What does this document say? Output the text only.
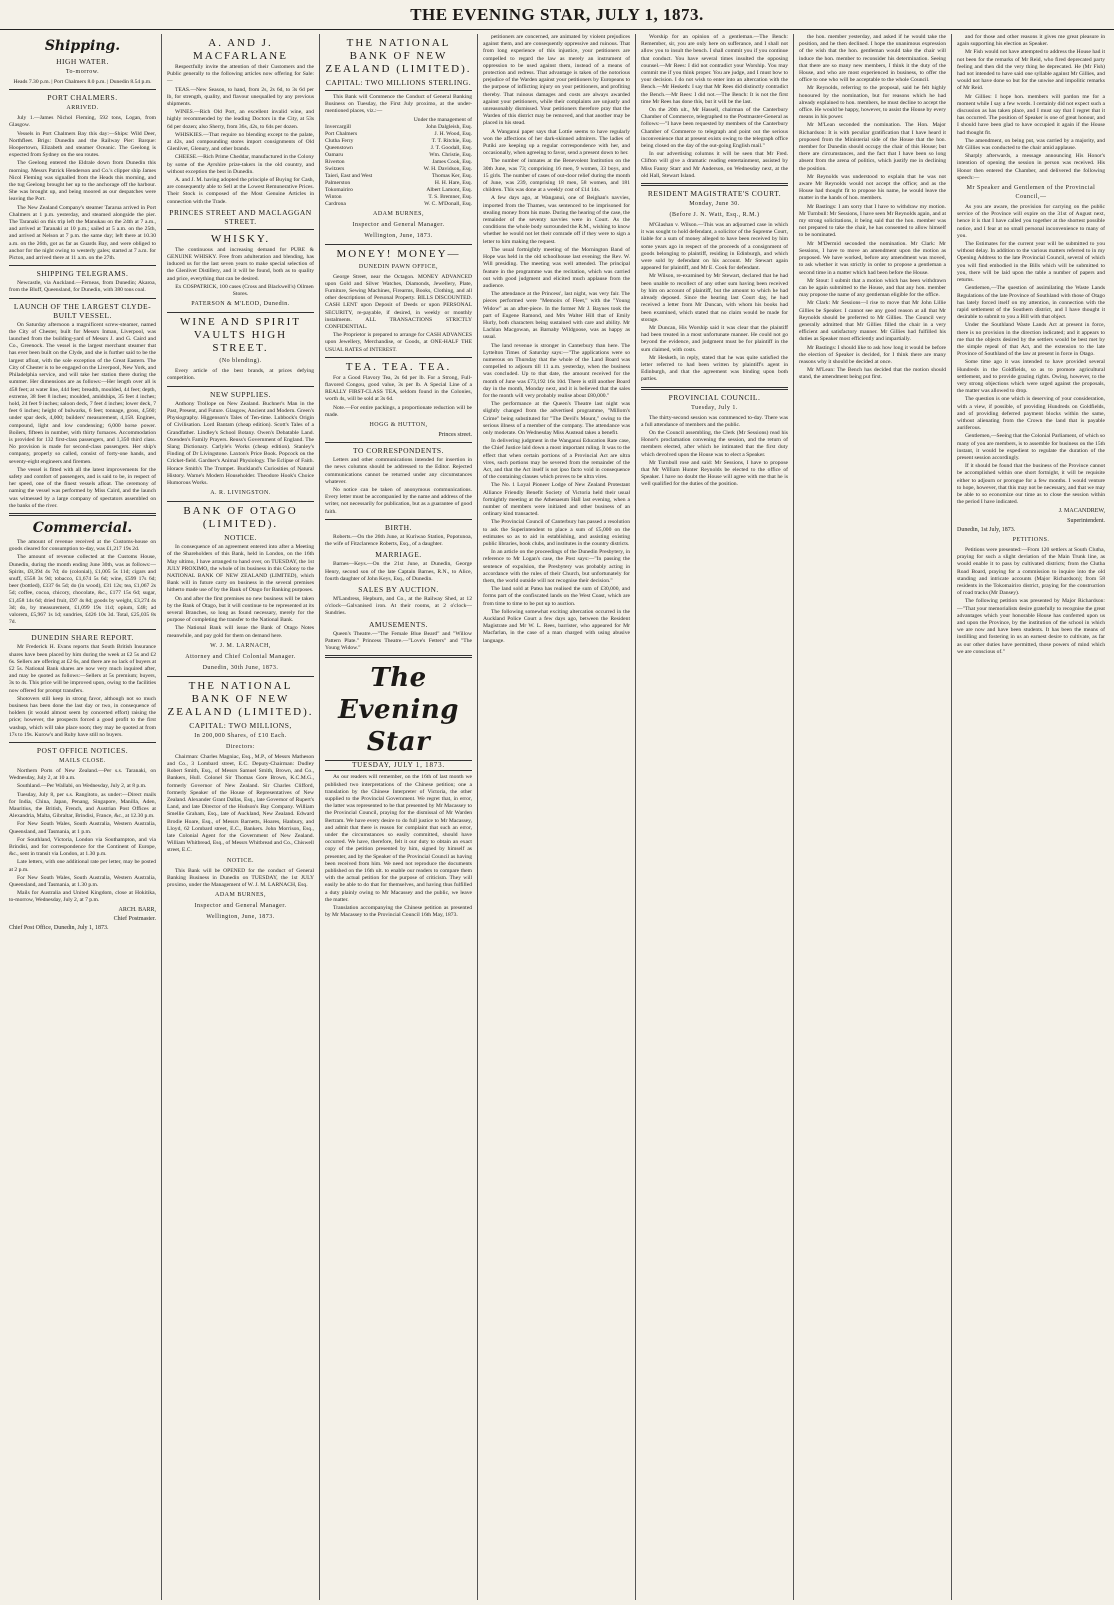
THE EVENING STAR, JULY 1, 1873.
Shipping.
HIGH WATER.
To-morrow.
Heads 7.30 p.m. | Port Chalmers 8.0 p.m. | Dunedin 8.54 p.m.
PORT CHALMERS.
ARRIVED.

July 1.—James Nichol Fleming, 592 tons, Logan, from Glasgow.

Vessels in Port Chalmers Bay this day:—Ships: Wild Deer, Northfleet. Brigs: Dunedin and the Railway Pier: Barque: Hoopertown, Elizabeth and steamer Oceanic. The Geelong is expected from Sydney on the sea routes.

The Geelong entered the Eldrale down from Dunedin this morning. Messrs Patrick Henderson and Co.'s clipper ship James Nicol Fleming was signalled from the Heads this morning, and the tug Geelong brought her up to the anchorage off the harbour. She was brought up, and being moored as our despatches were leaving the Port.

The New Zealand Company's steamer Tararua arrived in Port Chalmers at 1 p.m. yesterday, and steamed alongside the pier. The Taranaki on this trip left the Manukau on the 24th at 7 a.m., and arrived at Taranaki at 10 p.m.; sailed at 5 a.m. on the 25th, and arrived at Nelson at 7 p.m. the same day; left there at 10.30 a.m. on the 26th, got as far as Guards Bay, and were obliged to anchor for the night owing to westerly gales; started at 7 a.m. for Picton, and arrived there at 11 a.m. on the 27th.

SHIPPING TELEGRAMS.

Newcastle, via Auckland.—Ferneas, from Dunedin; Akaroa, from the Bluff, Queensland, for Dunedin, with 380 tons coal.

LAUNCH OF THE LARGEST CLYDE-BUILT VESSEL.

On Saturday afternoon a magnificent screw-steamer, named the City of Chester, built for Messrs Inman, Liverpool, was launched from the building-yard of Messrs J. and G. Caird and Co., Greenock. The vessel is the largest merchant steamer that has ever been built on the Clyde, and she is further said to be the largest afloat, with the sole exception of the Great Eastern. The City of Chester is to be engaged on the Liverpool, New York, and Philadelphia service, and will take her station there during the summer. Her dimensions are as follows:—Her length over all is 458 feet; at water line, 444 feet; breadth, moulded, 44 feet; depth, extreme, 38 feet 8 inches; moulded, amidships, 35 feet 4 inches; hold, 24 feet 9 inches; saloon deck, 7 feet 4 inches; lower deck, 7 feet 6 inches; height of bulwarks, 6 feet; tonnage, gross, 4,560; under spar deck, 4,000; builders' measurement, 4,158. Engines, compound, light and low condensing; 6,000 horse power. Boilers, fifteen in number, with thirty furnaces. Accommodation is provided for 132 first-class passengers, and 1,350 third class. No provision is made for second-class passengers. Her ship's company, properly so called, consist of forty-one hands, and seventy-eight engineers and firemen.

The vessel is fitted with all the latest improvements for the safety and comfort of passengers, and is said to be, in respect of her speed, one of the finest vessels afloat. The ceremony of naming the vessel was performed by Miss Caird, and the launch was witnessed by a large company of spectators assembled on the banks of the river.

Commercial.

The amount of revenue received at the Customs-house on goods cleared for consumption to-day, was £1,217 19s 2d.

The amount of revenue collected at the Customs House, Dunedin, during the month ending June 30th, was as follows:—Spirits, £8,394 4s 7d; do (colonial), £1,005 5s 11d; cigars and snuff, £558 3s 9d; tobacco, £1,674 5s 6d; wine, £599 17s 6d; beer (bottled), £337 6s 5d; do (in wood), £31 12s; tea, £1,067 2s 5d; coffee, cocoa, chicory, chocolate, &c., £177 15s 6d; sugar, £1,458 14s 6d; dried fruit, £97 4s 8d; goods by weight, £3,274 4s 3d; do, by measurement, £1,099 19s 11d; opium, £48; ad valorem, £5,967 1s 1d; sundries, £426 10s 3d. Total, £25,035 8s 7d.

DUNEDIN SHARE REPORT.

Mr Frederick H. Evans reports that South British Insurance shares have been placed by him during the week at £2 5s and £2 6s. Sellers are offering at £2 6s, and there are no lack of buyers at £2 5s. National Bank shares are now very much inquired after, and may be quoted as follows:—Sellers at 5s premium; buyers, 3s to 4s. This price will be improved upon, owing to the facilities now offered for prompt transfers.

Shotovers still keep in strong favor, although not so much business has been done the last day or two, in consequence of holders (it would almost seem by concerted effort) raising the price; however, the prospects forced a good profit to the first washup, which will take place soon; they may be quoted at from 17s to 19s. Kurow's and Ruby have still no buyers.

POST OFFICE NOTICES.
MAILS CLOSE.

Northern Ports of New Zealand.—Per s.s. Taranaki, on Wednesday, July 2, at 10 a.m.

Southland.—Per Wallabi, on Wednesday, July 2, at 8 p.m.

Tuesday, July 8, per s.s. Rangitoto, as under:—Direct mails for India, China, Japan, Penang, Singapore, Manilla, Aden, Mauritius, the British, French, and Austrian Post Offices at Alexandria, Malta, Gibraltar, Brindisi, France, &c., at 12.30 p.m.

For New South Wales, South Australia, Western Australia, Queensland, and Tasmania, at 1 p.m.

For Southland, Victoria, London via Southampton, and via Brindisi, and for correspondence for the Continent of Europe, &c., sent in transit via London, at 1.30 p.m.

Late letters, with one additional rate per letter, may be posted at 2 p.m.

For New South Wales, South Australia, Western Australia, Queensland, and Tasmania, at 1.30 p.m.

Mails for Australia and United Kingdom, close at Hokitika, to-morrow, Wednesday, July 2, at 7 p.m.

ARCH. BARR,
Chief Postmaster.
Chief Post Office, Dunedin, July 1, 1873.
A. AND J. MACFARLANE

Respectfully invite the attention of their Customers and the Public generally to the following articles now offering for Sale:—

TEAS.—New Season, to hand, from 2s, 2s 6d, to 3s 6d per lb, for strength, quality, and flavour unequalled by any previous shipments.

WINES.—Rich Old Port, an excellent invalid wine, and highly recommended by the leading Doctors in the City, at 53s 6d per dozen; also Sherry, from 36s, 42s, to 64s per dozen.

WHISKIES.—That require no blending except to the palate, at 42s, and compounding stores import consignments of Old Glenlivet, Glenury, and other brands.

CHEESE.—Rich Prime Cheddar, manufactured in the Colony by some of the Ayrshire prize-takers in the old country, and without exception the best in Dunedin.

A. and J. M. having adopted the principle of Buying for Cash, are consequently able to Sell at the Lowest Remunerative Prices. Their Stock is composed of the Most Genuine Articles in connection with the Trade.

PRINCES STREET AND MACLAGGAN STREET.
WHISKY.

The continuous and increasing demand for PURE & GENUINE WHISKY. Free from adulteration and blending, has induced us for the last seven years to make special selection of the Glenlivet Distillery, and it will be found, both as to quality and price, everything that can be desired.

Ex COSPATRICK, 100 cases (Cross and Blackwell's) Oilmen Stores.

PATERSON & M'LEOD, Dunedin.
WINE AND SPIRIT VAULTS HIGH STREET.
(No blending).

Every article of the best brands, at prices defying competition.

NEW SUPPLIES.

Anthony Trollope on New Zealand. Buchner's Man in the Past, Present, and Future. Glasgow, Ancient and Modern. Green's Physiography. Higgenson's Tales of Ten-time. Lubbock's Origin of Civilisation. Lord Bantam (cheap edition). Scott's Tales of a Grandfather. Lindley's School Botany. Owen's Debatable Land. Oxenden's Family Prayers. Reuss's Government of England. The Slang Dictionary. Carlyle's Works (cheap edition). Stanley's Finding of Dr Livingstone. Laxton's Price Book. Popcock on the Cricket-field. Gardner's Animal Physiology. The Eclipse of Faith. Horace Smith's The Trumpet. Buckland's Curiosities of Natural History. Warne's Modern Householder. Theodore Hook's Choice Humorous Works.

A. R. LIVINGSTON.
BANK OF OTAGO (LIMITED).
NOTICE.

In consequence of an agreement entered into after a Meeting of the Shareholders of this Bank, held in London, on the 16th May ultimo, I have arranged to hand over, on TUESDAY, the 1st JULY PROXIMO, the whole of its business in this Colony to the NATIONAL BANK OF NEW ZEALAND (LIMITED), which Bank will in future carry on business in the several premises hitherto made use of by the Bank of Otago for Banking purposes.

On and after the first premises no new business will be taken by the Bank of Otago, but it will continue to be represented at its several Branches, so long as found necessary, merely for the purpose of completing the transfer to the National Bank.

The National Bank will issue the Bank of Otago Notes meanwhile, and pay gold for them on demand here.

W. J. M. LARNACH,
Attorney and Chief Colonial Manager.
Dunedin, 30th June, 1873.
THE NATIONAL BANK OF NEW ZEALAND (LIMITED).
CAPITAL: TWO MILLIONS,
In 200,000 Shares, of £10 Each.
Directors:

Chairman: Charles Magniac, Esq., M.P., of Messrs Matheson and Co., 3 Lombard street, E.C. Deputy-Chairman: Dudley Robert Smith, Esq., of Messrs Samuel Smith, Brown, and Co., Bankers, Hull. Colonel Sir Thomas Gore Brown, K.C.M.G., formerly Governor of New Zealand. Sir Charles Clifford, formerly Speaker of the House of Representatives of New Zealand. Alexander Grant Dallas, Esq., late Governor of Rupert's Land, and late Director of the Hudson's Bay Company. William Smellie Graham, Esq., late of Auckland, New Zealand. Edward Brodie Hoare, Esq., of Messrs Barnetts, Hoares, Hanbury, and Lloyd, 62 Lombard street, E.C., Bankers. John Morrison, Esq., late Colonial Agent for the Government of New Zealand. William Whitbread, Esq., of Messrs Whitbread and Co., Chiswell street, E.C.

NOTICE.

This Bank will be OPENED for the conduct of General Banking Business in Dunedin on TUESDAY, the 1st JULY proximo, under the Management of W. J. M. LARNACH, Esq.

ADAM BURNES,
Inspector and General Manager.
Wellington, June, 1873.
THE NATIONAL BANK OF NEW ZEALAND (LIMITED).
CAPITAL: TWO MILLIONS STERLING.

This Bank will Commence the Conduct of General Banking Business on Tuesday, the First July proximo, at the under-mentioned places, viz.:—

Under the management of
Invercargill	John Dalgleish, Esq.
Port Chalmers	J. H. Wood, Esq.
Clutha Ferry	T. T. Ritchie, Esq.
Queenstown	J. T. Goodall, Esq.
Oamaru	Wm. Christie, Esq.
Riverton	James Cook, Esq.
Switzers	W. H. Davidson, Esq.
Taieri, East and West	Thomas Ker, Esq.
Palmerston	H. H. Hare, Esq.
Tokomairiro	Albert Lamont, Esq.
Winton	T. S. Bremner, Esq.
Cardrona	W. C. M'Donall, Esq.
ADAM BURNES,
Inspector and General Manager.
Wellington, June, 1873.
MONEY! MONEY—
DUNEDIN PAWN OFFICE,

George Street, near the Octagon. MONEY ADVANCED upon Gold and Silver Watches, Diamonds, Jewellery, Plate, Furniture, Sewing Machines, Firearms, Books, Clothing, and all other descriptions of Personal Property. BILLS DISCOUNTED. CASH LENT upon Deposit of Deeds or upon PERSONAL SECURITY, re-payable, if desired, in weekly or monthly instalments. ALL TRANSACTIONS STRICTLY CONFIDENTIAL.

The Proprietor is prepared to arrange for CASH ADVANCES upon Jewellery, Merchandise, or Goods, at ONE-HALF THE USUAL RATES of INTEREST.

TEA. TEA. TEA.

For a Good Flavory Tea, 2s 6d per lb. For a Strong, Full-flavored Congou, good value, 3s per lb. A Special Line of a REALLY FIRST-CLASS TEA, seldom found in the Colonies, worth 4s, will be sold at 3s 6d.

Note.—For entire packings, a proportionate reduction will be made.

HOGG & HUTTON,
Princes street.
TO CORRESPONDENTS.

Letters and other communications intended for insertion in the news columns should be addressed to the Editor. Rejected communications cannot be returned under any circumstances whatever.

No notice can be taken of anonymous communications. Every letter must be accompanied by the name and address of the writer, not necessarily for publication, but as a guarantee of good faith.

BIRTH.

Roberts.—On the 26th June, at Kuriwao Station, Popotunoa, the wife of Fitzclarence Roberts, Esq., of a daughter.

MARRIAGE.

Barnes—Keys.—On the 21st June, at Dunedin, George Henry, second son of the late Captain Barnes, R.N., to Alice, fourth daughter of John Keys, Esq., of Dunedin.

SALES BY AUCTION.

M'Landress, Hepburn, and Co., at the Railway Shed, at 12 o'clock—Galvanised iron. At their rooms, at 2 o'clock—Sundries.

AMUSEMENTS.

Queen's Theatre.—"The Female Blue Beard" and "Willow Pattern Plate." Princess Theatre.—"Love's Fetters" and "The Young Widow."

The Evening Star
TUESDAY, JULY 1, 1873.

As our readers will remember, on the 16th of last month we published two interpretations of the Chinese petition; one a translation by the Chinese Interpreter of Victoria, the other supplied to the Provincial Government. We regret that, in error, the latter was represented to be that presented by Mr Macassey to the Provincial Council, praying for the dismissal of Mr Warden Bertram. We have every desire to do full justice to Mr Macassey, and admit that there is reason for complaint that such an error, under the circumstances so easily committed, should have occurred. We have, therefore, felt it our duty to obtain an exact copy of the petition presented by him, signed by himself as presenter, and by the Speaker of the Provincial Council as having been received from him. We need not reproduce the documents published on the 16th ult. to enable our readers to compare them with the actual petition for the purpose of criticism. They will easily be able to do that for themselves, and having thus fulfilled a duty plainly owing to Mr Macassey and the public, we leave the matter.

Translation accompanying the Chinese petition as presented by Mr Macassey to the Provincial Council 16th May, 1873.

petitioners are concerned, are animated by violent prejudices against them, and are consequently oppressive and ruinous. That from long experience of this injustice, your petitioners are compelled to regard the law as merely an instrument of oppression to be used against them, instead of a means of protection and redress. That advantage is taken of the notorious prejudice of the Warden against your petitioners by Europeans to the purpose of inflicting injury on your petitioners, and profiting thereby. That ruinous damages and costs are always awarded against your petitioners, while their complaints are unjustly and unreasonably dismissed. Your petitioners therefore pray that the Warden of this district may be removed, and that another may be placed in his stead.

A Wanganui paper says that Lottie seems to have regularly won the affections of her dark-skinned admirers. The ladies of Putiki are keeping up a regular correspondence with her, and occasionally, when agreeing to favor, send a present down to her.

The number of inmates at the Benevolent Institution on the 30th June, was 73; comprising 16 men, 9 women, 33 boys, and 15 girls. The number of cases of out-door relief during the month of June, was 239, comprising 18 men, 58 women, and 181 children. This was done at a weekly cost of £14 14s.

A few days ago, at Wanganui, one of Beighan's navvies, imported from the Thames, was sentenced to be imprisoned for stealing money from his mate. During the hearing of the case, the remainder of the seventy navvies were in Court. As the conditions the whole body surrounded the R.M., wishing to know whether he would not let their comrade off if they were to sign a letter to him making the request.

The usual fortnightly meeting of the Mornington Band of Hope was held in the old schoolhouse last evening; the Rev. W. Will presiding. The meeting was well attended. The principal feature in the programme was the recitation, which was carried out with good judgment and elicited much applause from the audience.

The attendance at the Princess', last night, was very fair. The pieces performed were "Memoirs of Fleet," with the "Young Widow" as an after-piece. In the former Mr J. Baynes took the part of Eugene Ramond, and Mrs Walter Hill that of Emily Hurly, both characters being sustained with care and ability. Mr Lachlan Macgowan, as Barnaby Wildgoose, was as happy as usual.

The land revenue is stronger in Canterbury than here. The Lyttelton Times of Saturday says:—"The applications were so numerous on Thursday that the whole of the Land Board was compelled to adjourn till 11 a.m. yesterday, when the business was concluded. Up to that date, the amount received for the month of June was £73,192 16s 10d. There is still another Board day in the month, Monday next, and it is believed that the sales for the month will very probably realise about £80,000."

The performance at the Queen's Theatre last night was slightly changed from the advertised programme, "Millom's Crime" being substituted for "The Devil's Mount," owing to the serious illness of a member of the company. The attendance was only moderate. On Wednesday Miss Austead takes a benefit.

In delivering judgment in the Wanganui Education Rate case, the Chief Justice laid down a most important ruling. It was to the effect that when certain portions of a Provincial Act are ultra vires, such portions may be severed from the remainder of the Act, and that the Act itself is not ipso facto void in consequence of the containing clauses which proves to be ultra vires.

The No. 1 Loyal Pioneer Lodge of New Zealand Protestant Alliance Friendly Benefit Society of Victoria held their usual fortnightly meeting at the Athenaeum Hall last evening, when a number of members were initiated and other business of an ordinary kind transacted.

The Provincial Council of Canterbury has passed a resolution to ask the Superintendent to place a sum of £5,000 on the estimates so as to aid in establishing, and assisting existing public libraries, book clubs, and institutes in the country districts.

In an article on the proceedings of the Dunedin Presbytery, in reference to Mr Logan's case, the Post says:—"In passing the sentence of expulsion, the Presbytery was probably acting in accordance with the rules of their Church, but unfortunately for them, the world outside will not recognise their decision."

The land sold at Patea has realised the sum of £30,000, and forms part of the confiscated lands on the West Coast, which are from time to time to be put up to auction.

The following somewhat exciting altercation occurred in the Auckland Police Court a few days ago, between the Resident Magistrate and Mr W. L. Rees, barrister, who appeared for Mr Macfarlan, in the case of a man charged with using abusive language.

Worship for an opinion of a gentleman.—The Bench: Remember, sir, you are only here on sufferance, and I shall not allow you to insult the bench. I shall commit you if you continue that conduct. You have several times insulted the opposing counsel.—Mr Rees: I did not contradict your Worship. You may commit me if you think proper. You are judge, and I must bow to your decision. I do not wish to enter into an altercation with the Bench.—Mr Hesketh: I say that Mr Rees did distinctly contradict the Bench.—Mr Rees: I did not.—The Bench: It is not the first time Mr Rees has done this, but it will be the last.

On the 20th ult., Mr Hassell, chairman of the Canterbury Chamber of Commerce, telegraphed to the Postmaster-General as follows:—"I have been requested by members of the Canterbury Chamber of Commerce to telegraph and point out the serious inconvenience that at present exists owing to the telegraph office being closed on the day of the out-going English mail."

In our advertising columns it will be seen that Mr Fred. Clifton will give a dramatic reading entertainment, assisted by Miss Fanny Starr and Mr Anderson, on Wednesday next, at the old Hall, Stewart Island.

RESIDENT MAGISTRATE'S COURT.
Monday, June 30.
(Before J. N. Watt, Esq., R.M.)

M'Glashan v. Wilson.—This was an adjourned case in which it was sought to hold defendant, a solicitor of the Supreme Court, liable for a sum of money alleged to have been received by him some years ago in respect of the proceeds of a consignment of goods belonging to plaintiff, residing in Edinburgh, and which were sold by defendant on his account. Mr Stewart again appeared for plaintiff, and Mr E. Cook for defendant.

Mr Wilson, re-examined by Mr Stewart, declared that he had been unable to recollect of any other sum having been received by him on account of plaintiff, but the amount to which he had already deposed. Since the hearing last Court day, he had received a letter from Mr Duncan, with whom his books had been examined, which stated that no claim would be made for storage.

Mr Duncan, His Worship said it was clear that the plaintiff had been treated in a most unfortunate manner. He could not go beyond the evidence, and judgment must be for plaintiff in the sum claimed, with costs.

Mr Hesketh, in reply, stated that he was quite satisfied the letter referred to had been written by plaintiff's agent in Edinburgh, and that the agreement was binding upon both parties.

PROVINCIAL COUNCIL.
Tuesday, July 1.

The thirty-second session was commenced to-day. There was a full attendance of members and the public.

On the Council assembling, the Clerk (Mr Sessions) read his Honor's proclamation convening the session, and the return of members elected, after which he intimated that the first duty which devolved upon the House was to elect a Speaker.

Mr Turnbull rose and said: Mr Sessions, I have to propose that Mr William Hunter Reynolds be elected to the office of Speaker. I have no doubt the House will agree with me that he is well qualified for the duties of the position.

the hon. member yesterday, and asked if he would take the position, and he then declined. I hope the unanimous expression of the wish that the hon. gentleman would take the chair will induce the hon. member to reconsider his determination. Seeing that there are so many new members, I think it the duty of the House, and who are most experienced in business, to offer the office to one who will be acceptable to the whole Council.

Mr Reynolds, referring to the proposal, said he felt highly honoured by the nomination, but for reasons which he had already explained to hon. members, he must decline to accept the office. He would be happy, however, to assist the House by every means in his power.

Mr M'Lean seconded the nomination. The Hon. Major Richardson: It is with peculiar gratification that I have heard it proposed from the Ministerial side of the House that the hon. member for Dunedin should occupy the chair of this House; but there are circumstances, and the fact that I have been so long absent from the arena of politics, which justify me in declining the position.

Mr Reynolds was understood to explain that he was not aware Mr Reynolds would not accept the office; and as the House had thought fit to propose his name, he would leave the matter in the hands of hon. members.

Mr Bastings: I am sorry that I have to withdraw my motion. Mr Turnbull: Mr Sessions, I have seen Mr Reynolds again, and at my strong solicitations, it being said that the hon. member was not prepared to take the chair, he has consented to allow himself to be nominated.

Mr M'Dermid seconded the nomination. Mr Clark: Mr Sessions, I have to move an amendment upon the motion as proposed. We have worked, before any amendment was moved, to ask whether it was strictly in order to propose a gentleman a second time in a matter which had been before the House.

Mr Stout: I submit that a motion which has been withdrawn can be again submitted to the House, and that any hon. member may propose the name of any gentleman eligible for the office.

Mr Clark: Mr Sessions—I rise to move that Mr John Lillie Gillies be Speaker. I cannot see any good reason at all that Mr Reynolds should be preferred to Mr Gillies. The Council very generally admitted that Mr Gillies filled the chair in a very efficient and satisfactory manner. Mr Gillies had fulfilled his duties as Speaker most efficiently and impartially.

Mr Bastings: I should like to ask how long it would be before the election of Speaker is decided, for I think there are many reasons why it should be decided at once.

Mr M'Lean: The Bench has decided that the motion should stand, the amendment being put first.

and for those and other reasons it gives me great pleasure in again supporting his election as Speaker.

Mr Fish would not have attempted to address the House had it not been for the remarks of Mr Reid, who fired deprecated party feeling and then did the very thing he deprecated. He (Mr Fish) had not intended to have said one syllable against Mr Gillies, and would not have done so but for the unwise and impolitic remarks of Mr Reid.

Mr Gillies: I hope hon. members will pardon me for a moment while I say a few words. I certainly did not expect such a discussion as has taken place, and I must say that I regret that it has occurred. The position of Speaker is one of great honour, and I should have been glad to have occupied it again if the House had thought fit.

The amendment, on being put, was carried by a majority, and Mr Gillies was conducted to the chair amid applause.

Sharply afterwards, a message announcing His Honor's intention of opening the session in person was received. His Honor then entered the Chamber, and delivered the following speech:—

Mr Speaker and Gentlemen of the Provincial Council,—

As you are aware, the provision for carrying on the public service of the Province will expire on the 31st of August next, hence it is that I have called you together at the shortest possible notice, and I fear at no small personal inconvenience to many of you.

The Estimates for the current year will be submitted to you without delay. In addition to the various matters referred to in my Opening Address to the late Provincial Council, several of which you will find embodied in the Bills which will be submitted to you, there will be laid upon the table a number of papers and returns.

Gentlemen,—The question of assimilating the Waste Lands Regulations of the late Province of Southland with those of Otago has lately forced itself on my attention, in connection with the rapid settlement of the Southern district, and I have thought it desirable to submit to you a Bill with that object.

Under the Southland Waste Lands Act at present in force, there is no provision in the direction indicated; and it appears to me that the objects desired by the settlers would be best met by the simple repeal of that Act, and the extension to the late Province of Southland of the law at present in force in Otago.

Some time ago it was intended to have provided several Hundreds in the Goldfields, so as to promote agricultural settlement, and to provide grazing rights. Owing, however, to the very strong objections which were urged against the proposals, the matter was allowed to drop.

The question is one which is deserving of your consideration, with a view, if possible, of providing Hundreds on Goldfields, and of providing deferred payment blocks within the same, without alienating from the Crown the land that is payable auriferous.

Gentlemen,—Seeing that the Colonial Parliament, of which so many of you are members, is to assemble for business on the 15th instant, it would be expedient to regulate the duration of the present session accordingly.

If it should be found that the business of the Province cannot be accomplished within one short fortnight, it will be requisite either to adjourn or prorogue for a few months. I would venture to hope, however, that this may not be necessary, and that we may be able to so economize our time as to close the session within the period I have indicated.

J. MACANDREW,
Superintendent.
Dunedin, 1st July, 1873.
PETITIONS.

Petitions were presented:—From 120 settlers at South Clutha, praying for such a slight deviation of the Main Trunk line, as would enable it to pass by cultivated districts; from the Clutha Road Board, praying for a commission to inquire into the old standing and intricate accounts (Major Richardson); from 58 residents in the Tokomairiro district, praying for the construction of road tracks (Mr Dansey).

The following petition was presented by Major Richardson:—"That your memorialists desire gratefully to recognise the great advantages which your honorable House has conferred upon us and upon the Province, by the institution of the school in which we are now and have been students. It has been the means of instilling and fostering in us an earnest desire to cultivate, as far as our other duties have permitted, those powers of mind which we are conscious of."
